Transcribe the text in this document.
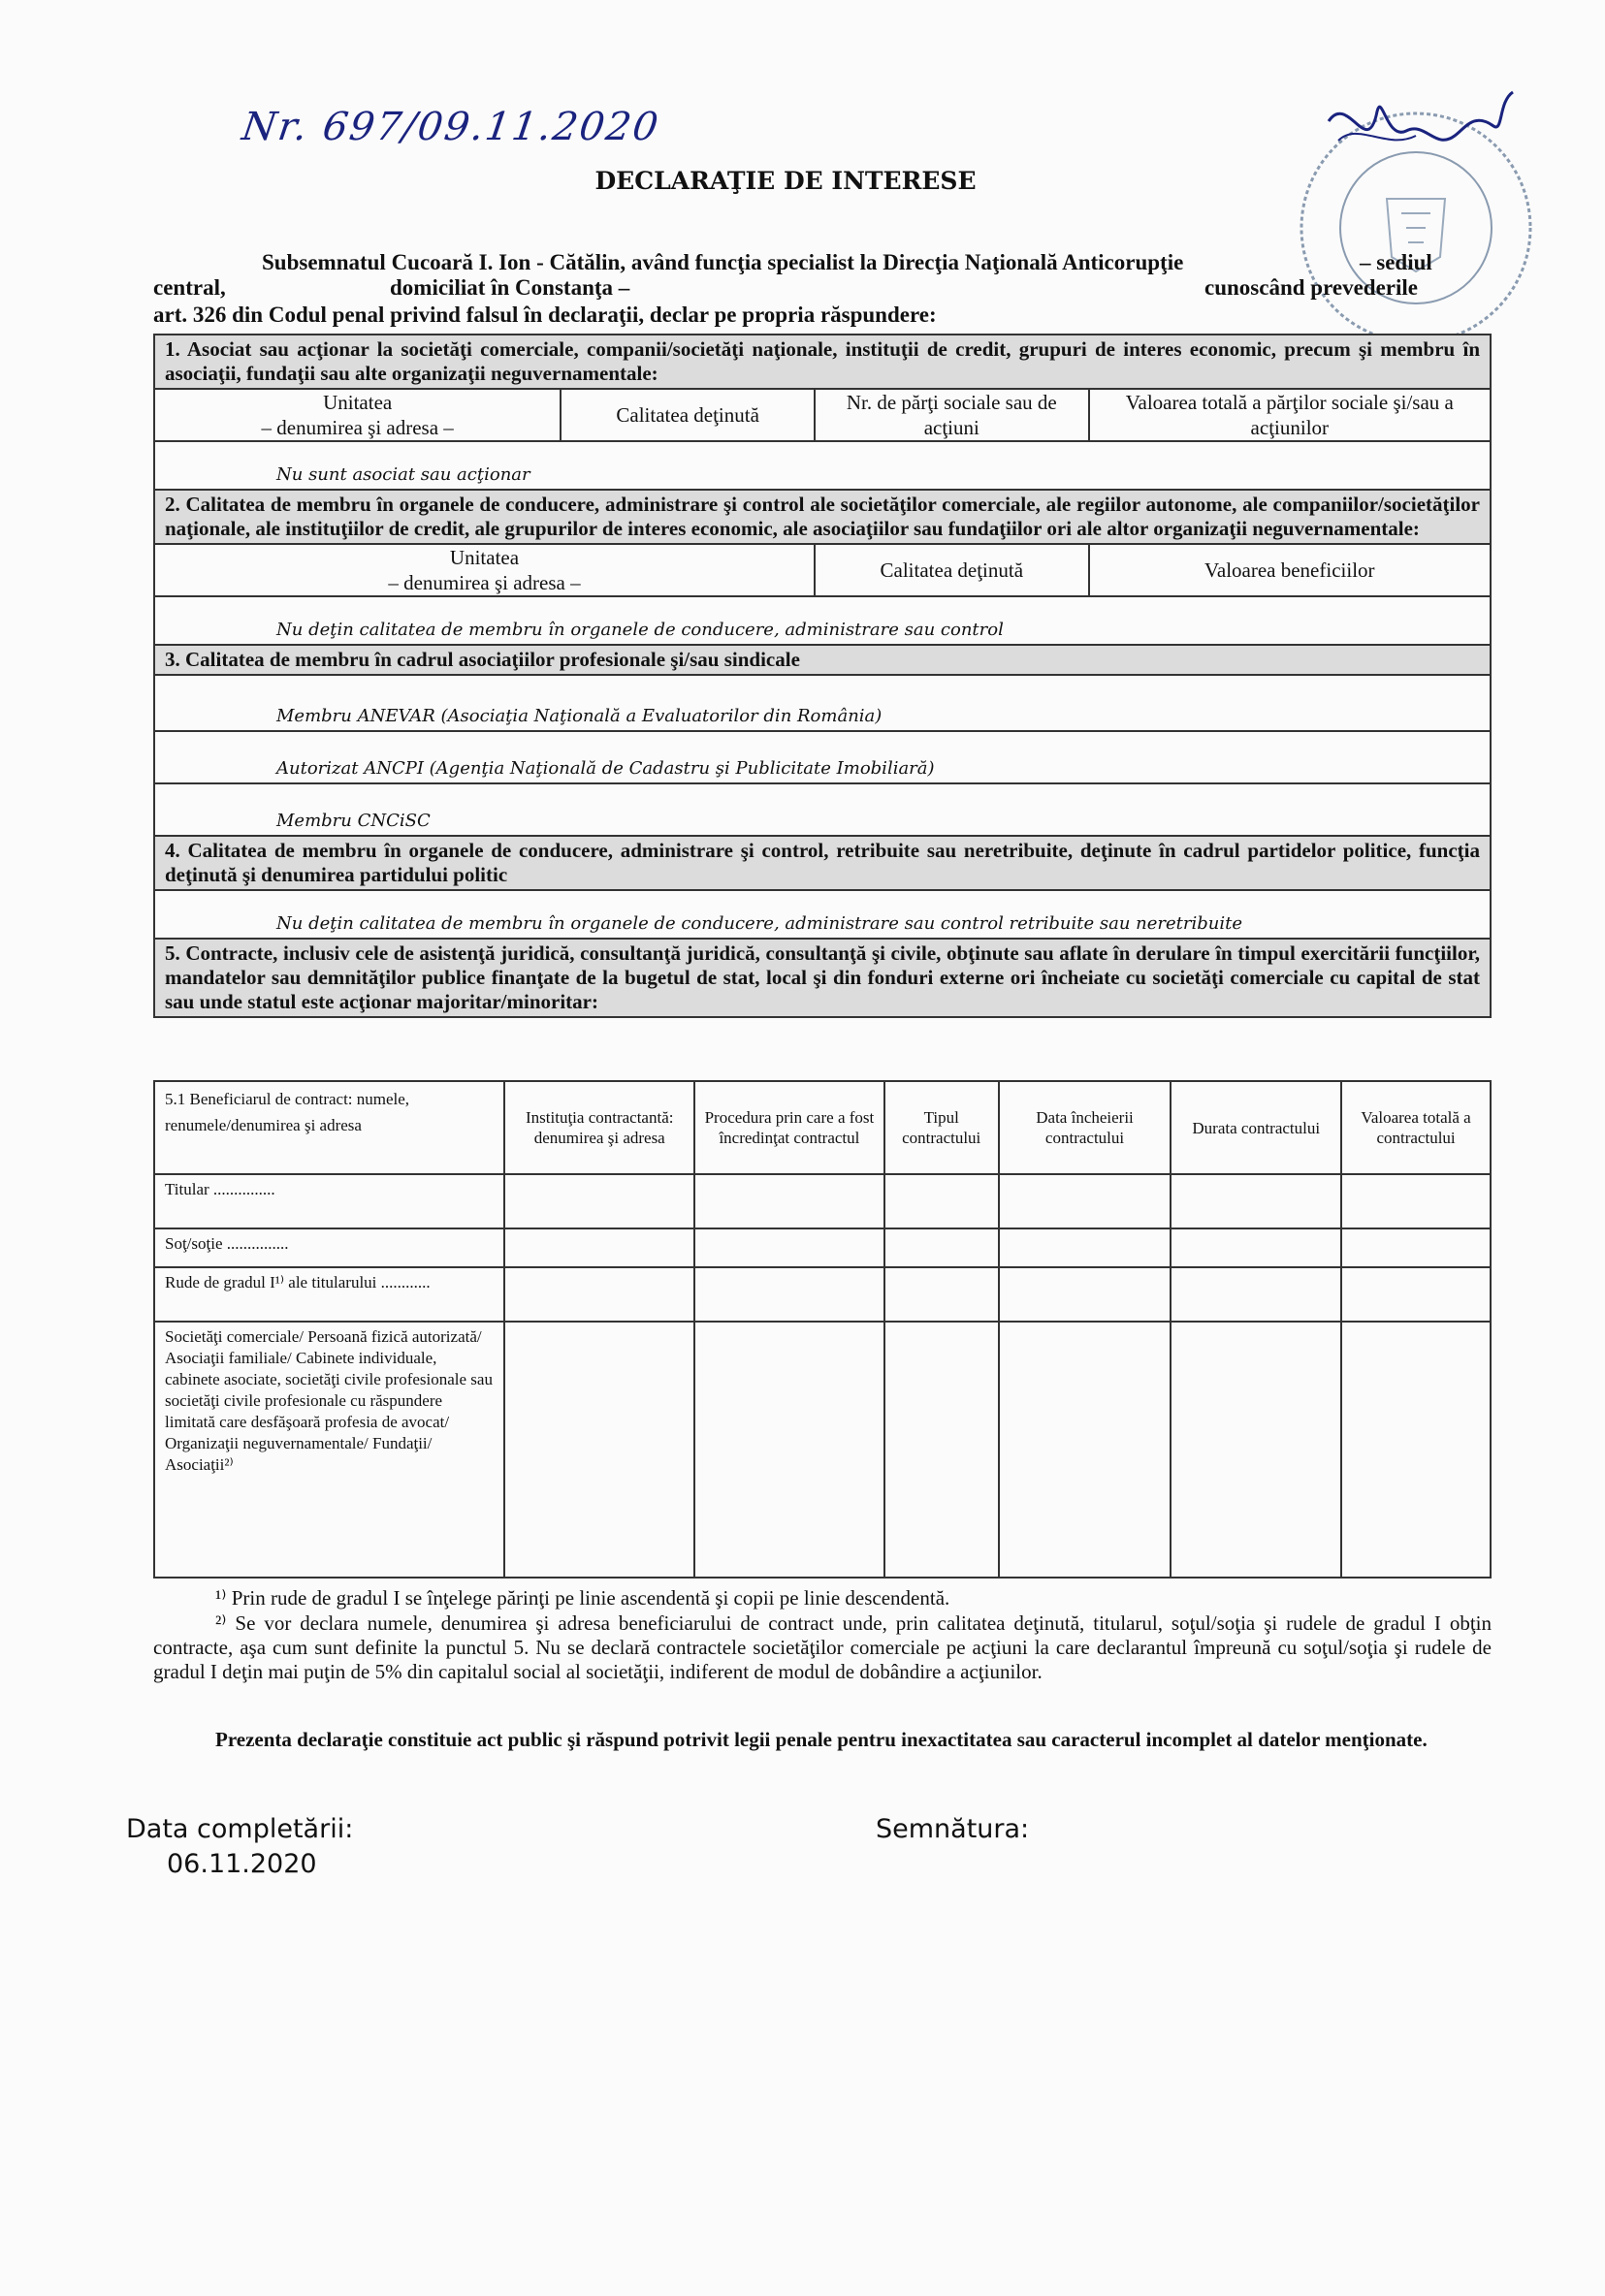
Nr. 697/09.11.2020
DECLARAŢIE DE INTERESE
Subsemnatul Cucoară I. Ion - Cătălin, având funcţia specialist la Direcţia Naţională Anticorupţie	– sediul
central,	domiciliat în Constanţa –	cunoscând prevederile
art. 326 din Codul penal privind falsul în declaraţii, declar pe propria răspundere:
1. Asociat sau acţionar la societăţi comerciale, companii/societăţi naţionale, instituţii de credit, grupuri de interes economic, precum şi membru în asociaţii, fundaţii sau alte organizaţii neguvernamentale:			

Unitatea
– denumirea şi adresa –	Calitatea deţinută	Nr. de părţi sociale sau de acţiuni	Valoarea totală a părţilor sociale şi/sau a acţiunilor
Nu sunt asociat sau acţionar			
2. Calitatea de membru în organele de conducere, administrare şi control ale societăţilor comerciale, ale regiilor autonome, ale companiilor/societăţilor naţionale, ale instituţiilor de credit, ale grupurilor de interes economic, ale asociaţiilor sau fundaţiilor ori ale altor organizaţii neguvernamentale:			

Unitatea
– denumirea şi adresa –		Calitatea deţinută	Valoarea beneficiilor
Nu deţin calitatea de membru în organele de conducere, administrare sau control			
3. Calitatea de membru în cadrul asociaţiilor profesionale şi/sau sindicale			
Membru ANEVAR (Asociaţia Naţională a Evaluatorilor din România)			
Autorizat ANCPI (Agenţia Naţională de Cadastru şi Publicitate Imobiliară)			
Membru CNCiSC			
4. Calitatea de membru în organele de conducere, administrare şi control, retribuite sau neretribuite, deţinute în cadrul partidelor politice, funcţia deţinută şi denumirea partidului politic			
Nu deţin calitatea de membru în organele de conducere, administrare sau control retribuite sau neretribuite			
5. Contracte, inclusiv cele de asistenţă juridică, consultanţă juridică, consultanţă şi civile, obţinute sau aflate în derulare în timpul exercitării funcţiilor, mandatelor sau demnităţilor publice finanţate de la bugetul de stat, local şi din fonduri externe ori încheiate cu societăţi comerciale cu capital de stat sau unde statul este acţionar majoritar/minoritar:			
5.1 Beneficiarul de contract: numele, renumele/denumirea şi adresa	Instituţia contractantă: denumirea şi adresa	Procedura prin care a fost încredinţat contractul	Tipul contractului	Data încheierii contractului	Durata contractului	Valoarea totală a contractului
Titular ...............						
Soţ/soţie ...............						
Rude de gradul I¹⁾ ale titularului ............						
Societăţi comerciale/ Persoană fizică autorizată/ Asociaţii familiale/ Cabinete individuale, cabinete asociate, societăţi civile profesionale sau societăţi civile profesionale cu răspundere limitată care desfăşoară profesia de avocat/ Organizaţii neguvernamentale/ Fundaţii/ Asociaţii²⁾						
¹⁾ Prin rude de gradul I se înţelege părinţi pe linie ascendentă şi copii pe linie descendentă.
²⁾ Se vor declara numele, denumirea şi adresa beneficiarului de contract unde, prin calitatea deţinută, titularul, soţul/soţia şi rudele de gradul I obţin contracte, aşa cum sunt definite la punctul 5. Nu se declară contractele societăţilor comerciale pe acţiuni la care declarantul împreună cu soţul/soţia şi rudele de gradul I deţin mai puţin de 5% din capitalul social al societăţii, indiferent de modul de dobândire a acţiunilor.
Prezenta declaraţie constituie act public şi răspund potrivit legii penale pentru inexactitatea sau caracterul incomplet al datelor menţionate.
Data completării:
06.11.2020
Semnătura:
